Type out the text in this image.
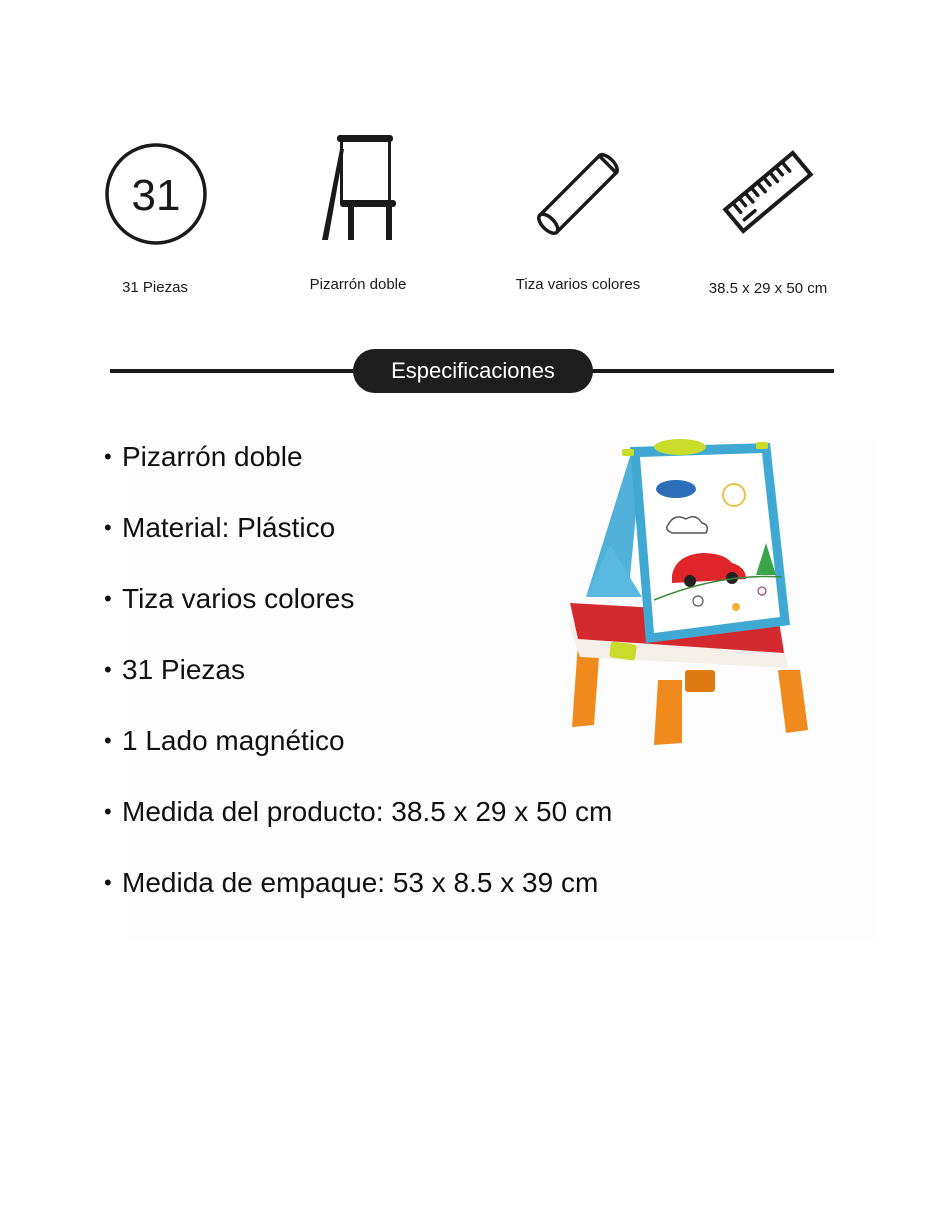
31
31 Piezas	Pizarrón doble	Tiza varios colores	38.5 x 29 x 50 cm
Especificaciones
• Pizarrón doble
• Material: Plástico
• Tiza varios colores
• 31 Piezas
• 1 Lado magnético
• Medida del producto: 38.5 x 29 x 50 cm
• Medida de empaque: 53 x 8.5 x 39 cm
